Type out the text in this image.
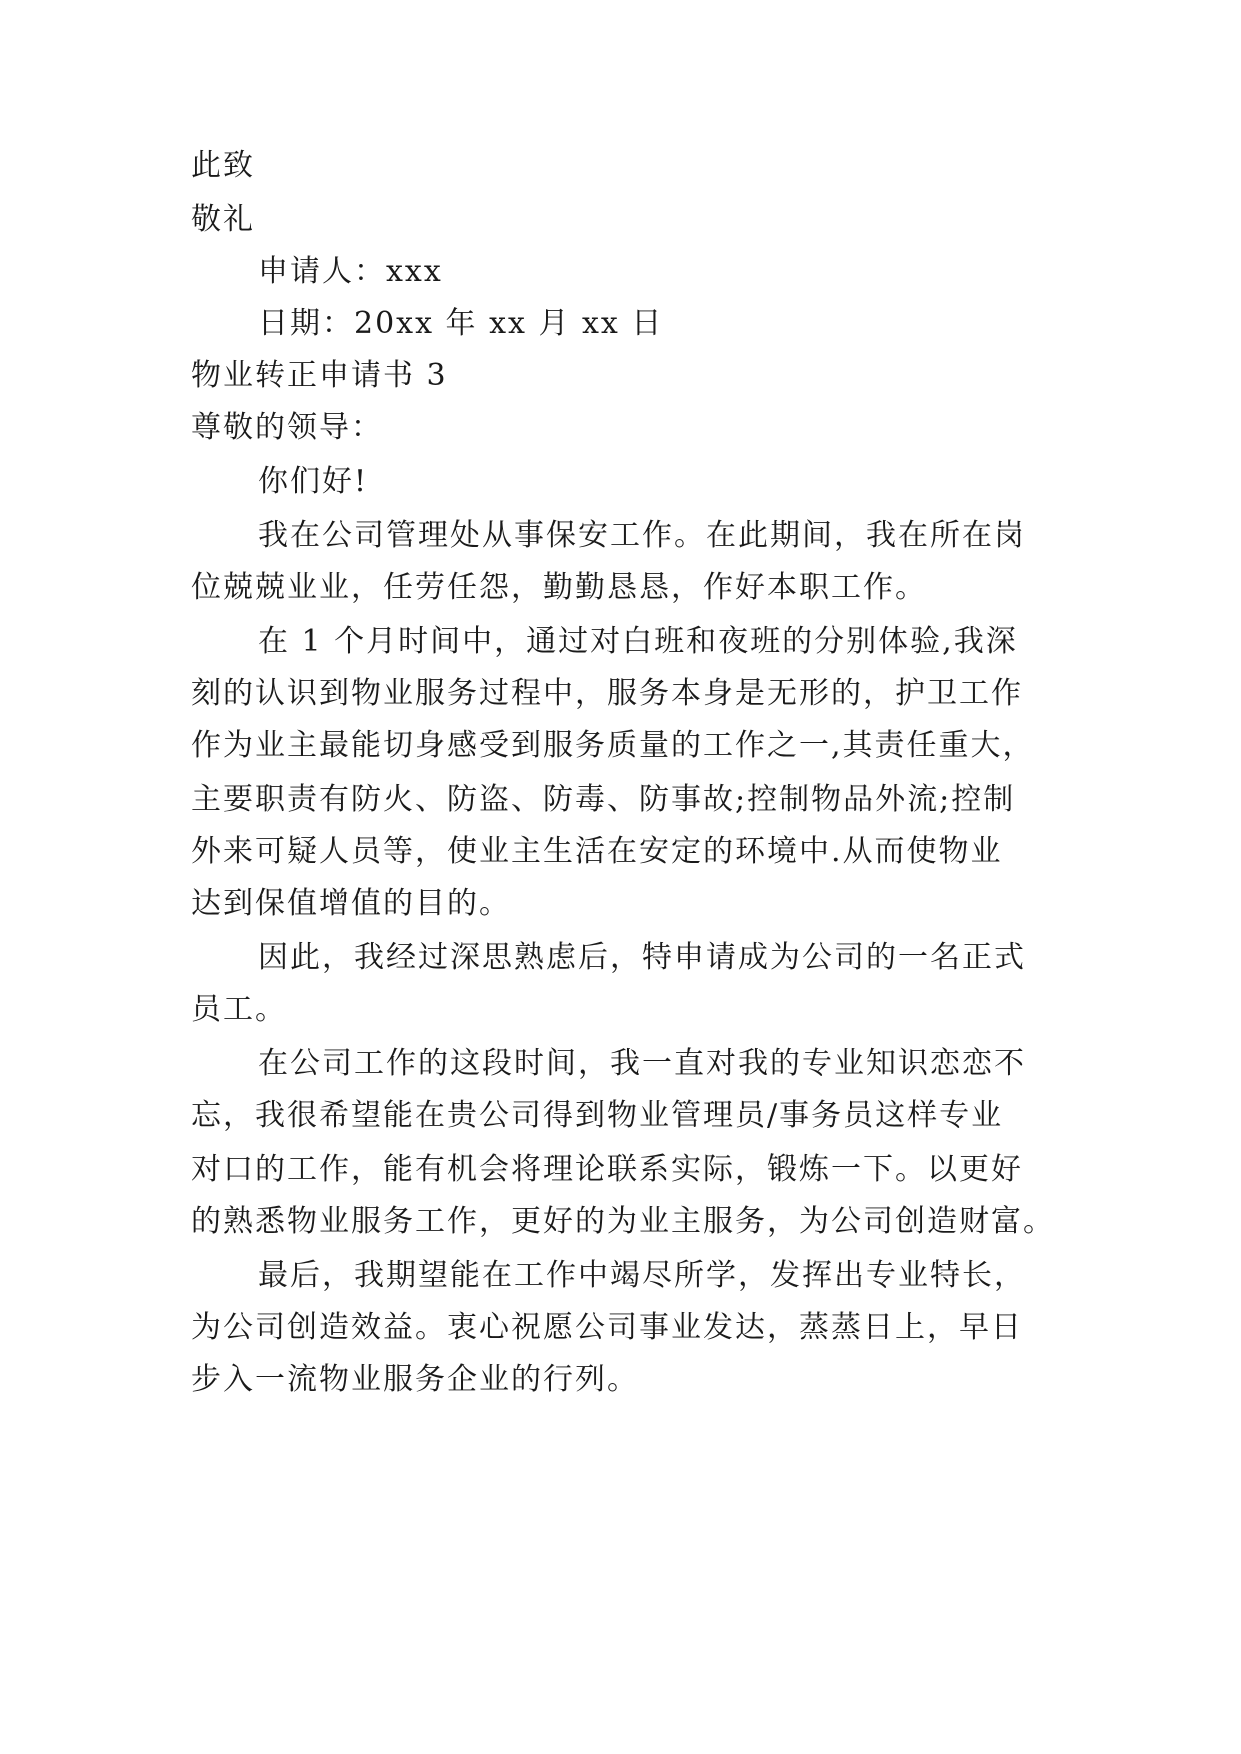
此致
敬礼
申请人：xxx
日期：20xx 年 xx 月 xx 日
物业转正申请书 3
尊敬的领导：
你们好!
我在公司管理处从事保安工作。在此期间，我在所在岗
位兢兢业业，任劳任怨，勤勤恳恳，作好本职工作。
在 1 个月时间中，通过对白班和夜班的分别体验,我深
刻的认识到物业服务过程中，服务本身是无形的，护卫工作
作为业主最能切身感受到服务质量的工作之一,其责任重大，
主要职责有防火、防盗、防毒、防事故;控制物品外流;控制
外来可疑人员等，使业主生活在安定的环境中.从而使物业
达到保值增值的目的。
因此，我经过深思熟虑后，特申请成为公司的一名正式
员工。
在公司工作的这段时间，我一直对我的专业知识恋恋不
忘，我很希望能在贵公司得到物业管理员/事务员这样专业
对口的工作，能有机会将理论联系实际，锻炼一下。以更好
的熟悉物业服务工作，更好的为业主服务，为公司创造财富。
最后，我期望能在工作中竭尽所学，发挥出专业特长，
为公司创造效益。衷心祝愿公司事业发达，蒸蒸日上，早日
步入一流物业服务企业的行列。
